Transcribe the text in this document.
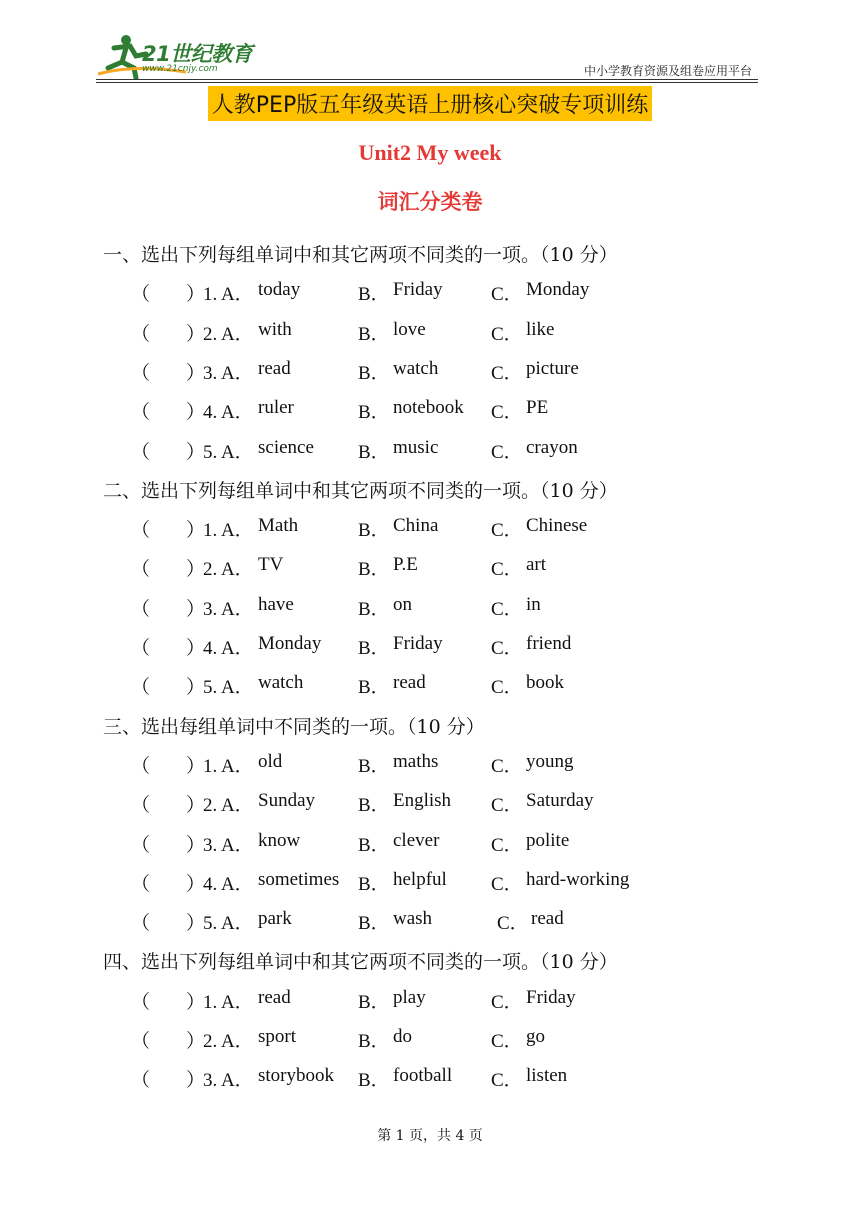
21世纪教育
www.21cnjy.com	中小学教育资源及组卷应用平台
人教PEP版五年级英语上册核心突破专项训练
Unit2 My week
词汇分类卷
一、选出下列每组单词中和其它两项不同类的一项。（10 分）
（ ）
1. A． today	B． Friday	C． Monday
（ ）
2. A． with	B． love	C． like
（ ）
3. A． read	B． watch	C． picture
（ ）
4. A． ruler	B． notebook C． PE
（ ）
5. A． science B． music	C． crayon
二、选出下列每组单词中和其它两项不同类的一项。（10 分）
（ ）
1. A． Math	B． China	C． Chinese
（ ）
2. A． TV	B． P.E	C． art
（ ）
3. A． have	B． on	C． in
（ ）
4. A． Monday B． Friday	C． friend
（ ）
5. A． watch	B． read	C． book
三、选出每组单词中不同类的一项。（10 分）
（ ）
1. A． old	B． maths	C． young
（ ）
2. A． Sunday B． English C． Saturday
（ ）
3. A． know	B． clever	C． polite
（ ）
4. A． sometimes B． helpful C． hard-working
（ ）
5. A． park	B． wash	C． read
四、选出下列每组单词中和其它两项不同类的一项。（10 分）
（ ）
1. A． read	B． play	C． Friday
（ ）
2. A． sport	B． do	C． go
（ ）
3. A． storybook B． football C． listen
第 1 页，共 4 页
